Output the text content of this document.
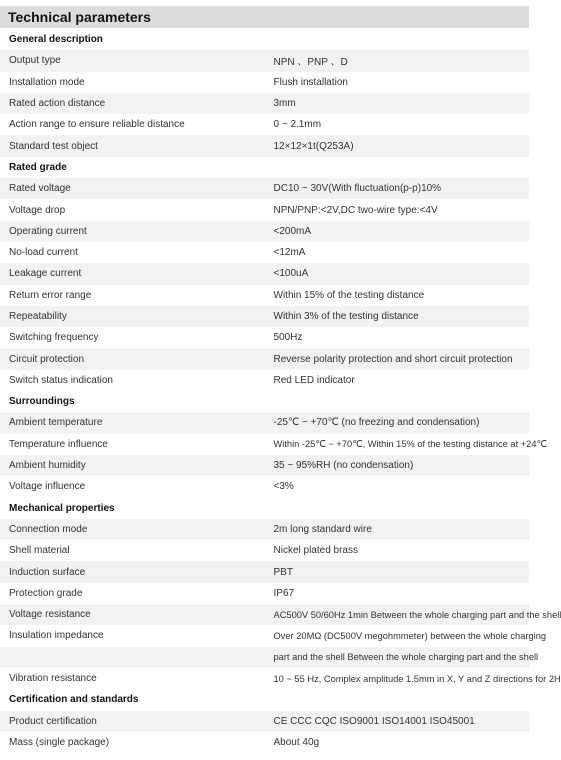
Technical parameters
General description	
Output type	NPN 、PNP 、D
Installation mode	Flush installation
Rated action distance	3mm
Action range to ensure reliable distance	0 ~ 2.1mm
Standard test object	12×12×1t(Q253A)
Rated grade	
Rated voltage	DC10 ~ 30V(With fluctuation(p-p)10%
Voltage drop	NPN/PNP:<2V,DC two-wire type:<4V
Operating current	<200mA
No-load current	<12mA
Leakage current	<100uA
Return error range	Within 15% of the testing distance
Repeatability	Within 3% of the testing distance
Switching frequency	500Hz
Circuit protection	Reverse polarity protection and short circuit protection
Switch status indication	Red LED indicator
Surroundings	
Ambient temperature	-25℃ ~ +70℃ (no freezing and condensation)
Temperature influence	Within -25℃ ~ +70℃, Within 15% of the testing distance at +24℃
Ambient humidity	35 ~ 95%RH (no condensation)
Voltage influence	<3%
Mechanical properties	
Connection mode	2m long standard wire
Shell material	Nickel plated brass
Induction surface	PBT
Protection grade	IP67
Voltage resistance	AC500V 50/60Hz 1min Between the whole charging part and the shell
Insulation impedance	Over 20MΩ (DC500V megohmmeter) between the whole charging
	part and the shell Between the whole charging part and the shell
Vibration resistance	10 ~ 55 Hz, Complex amplitude 1.5mm in X, Y and Z directions for 2H
Certification and standards	
Product certification	CE CCC CQC ISO9001 ISO14001 ISO45001
Mass (single package)	About 40g
